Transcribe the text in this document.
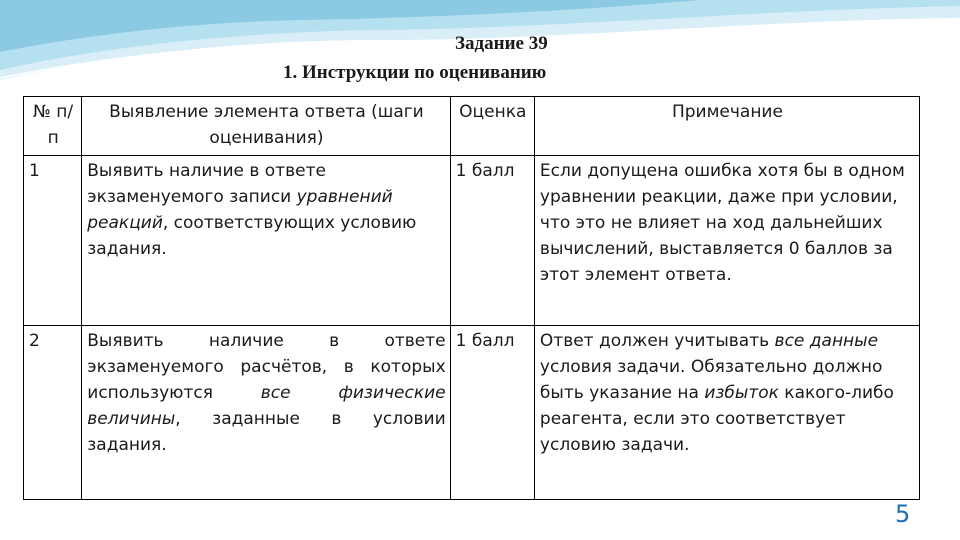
Задание 39
1. Инструкции по оцениванию
№ п/п	Выявление элемента ответа (шаги оценивания)	Оценка	Примечание
1	Выявить наличие в ответе экзаменуемого записи уравнений реакций, соответствующих условию задания.	1 балл	Если допущена ошибка хотя бы в одном уравнении реакции, даже при условии, что это не влияет на ход дальнейших вычислений, выставляется 0 баллов за этот элемент ответа.
2	Выявить наличие в ответе экзаменуемого расчётов, в которых используются все физические величины, заданные в условии задания.	1 балл	Ответ должен учитывать все данные условия задачи. Обязательно должно быть указание на избыток какого-либо реагента, если это соответствует условию задачи.
5
